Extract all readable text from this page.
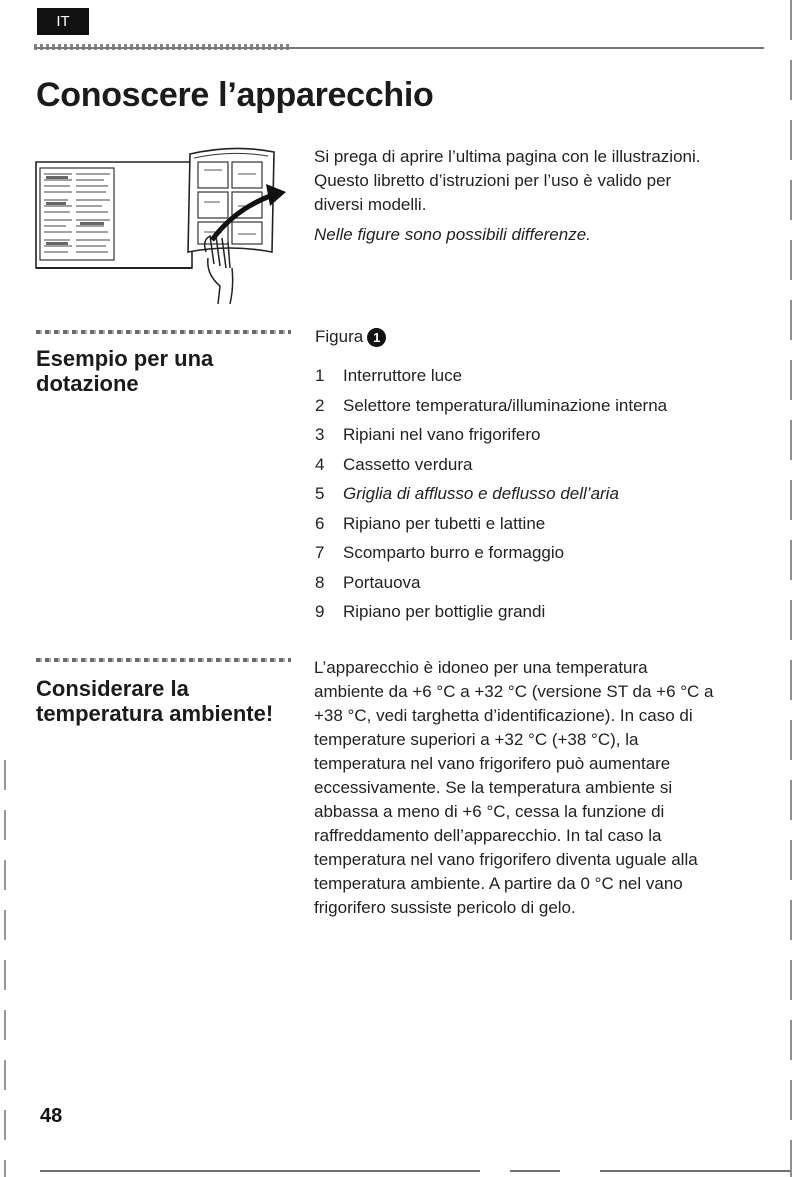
IT
Conoscere l’apparecchio

Si prega di aprire l’ultima pagina con le illustrazioni.

Questo libretto d’istruzioni per l’uso è valido per

diversi modelli.

Nelle figure sono possibili differenze.

Esempio per una

dotazione

Figura 1
1	Interruttore luce
2	Selettore temperatura/illuminazione interna
3	Ripiani nel vano frigorifero
4	Cassetto verdura
5	Griglia di afflusso e deflusso dell’aria
6	Ripiano per tubetti e lattine
7	Scomparto burro e formaggio
8	Portauova
9	Ripiano per bottiglie grandi

Considerare la

temperatura ambiente!

L’apparecchio è idoneo per una temperatura

ambiente da +6 °C a +32 °C (versione ST da +6 °C a

+38 °C, vedi targhetta d’identificazione). In caso di

temperature superiori a +32 °C (+38 °C), la

temperatura nel vano frigorifero può aumentare

eccessivamente. Se la temperatura ambiente si

abbassa a meno di +6 °C, cessa la funzione di

raffreddamento dell’apparecchio. In tal caso la

temperatura nel vano frigorifero diventa uguale alla

temperatura ambiente. A partire da 0 °C nel vano

frigorifero sussiste pericolo di gelo.

48
